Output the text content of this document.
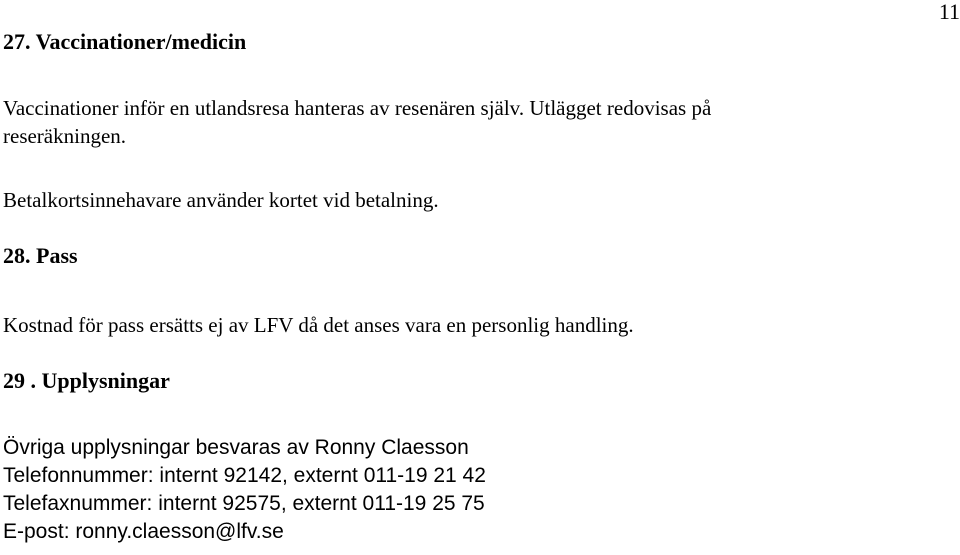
11
27. Vaccinationer/medicin
Vaccinationer inför en utlandsresa hanteras av resenären själv. Utlägget redovisas på
reseräkningen.
Betalkortsinnehavare använder kortet vid betalning.
28. Pass
Kostnad för pass ersätts ej av LFV då det anses vara en personlig handling.
29 . Upplysningar
Övriga upplysningar besvaras av Ronny Claesson
Telefonnummer: internt 92142, externt 011-19 21 42
Telefaxnummer: internt 92575, externt 011-19 25 75
E-post: ronny.claesson@lfv.se
